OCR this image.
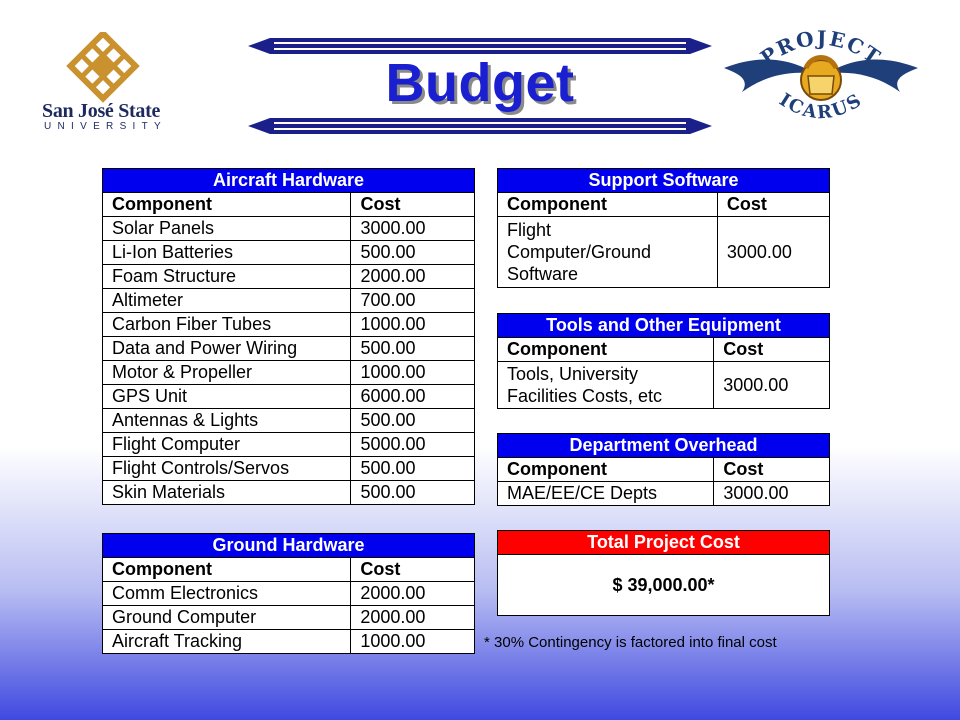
San José State
UNIVERSITY
Budget	PROJECT
ICARUS
Aircraft Hardware	
Component	Cost
Solar Panels	3000.00
Li-Ion Batteries	500.00
Foam Structure	2000.00
Altimeter	700.00
Carbon Fiber Tubes	1000.00
Data and Power Wiring	500.00
Motor & Propeller	1000.00
GPS Unit	6000.00
Antennas & Lights	500.00
Flight Computer	5000.00
Flight Controls/Servos	500.00
Skin Materials	500.00
Ground Hardware	
Component	Cost
Comm Electronics	2000.00
Ground Computer	2000.00
Aircraft Tracking	1000.00
Support Software	
Component	Cost
Flight Computer/Ground Software	3000.00
Tools and Other Equipment	
Component	Cost
Tools, University Facilities Costs, etc	3000.00
Department Overhead	
Component	Cost
MAE/EE/CE Depts	3000.00
Total Project Cost
$ 39,000.00*
* 30% Contingency is factored into final cost
